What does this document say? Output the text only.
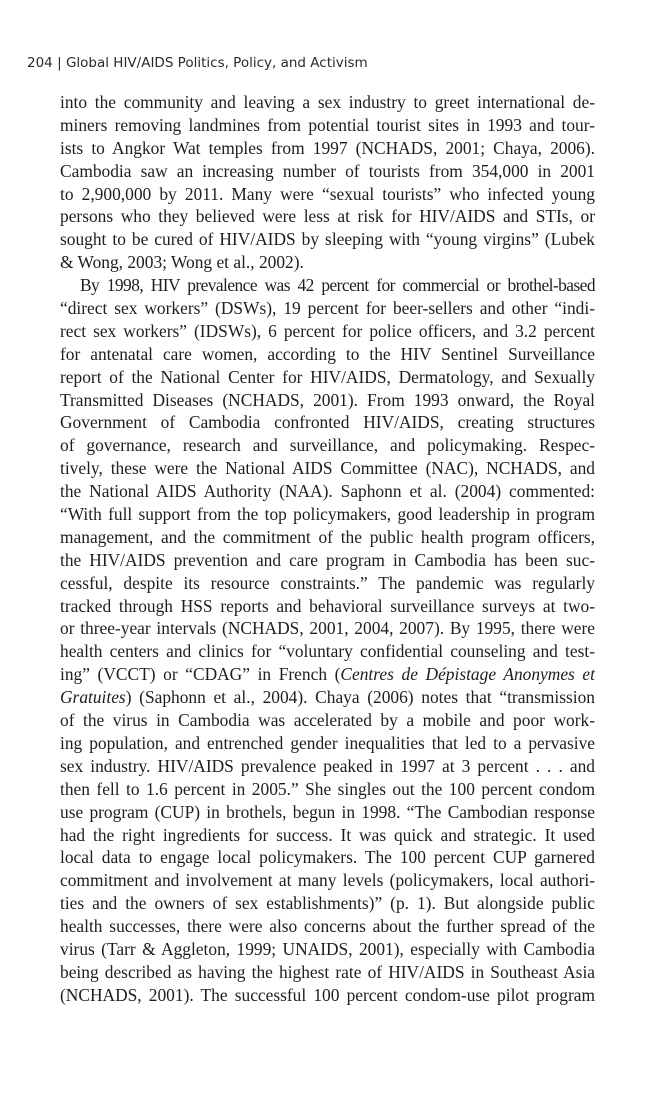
204 | Global HIV/AIDS Politics, Policy, and Activism
into the community and leaving a sex industry to greet international de-
miners removing landmines from potential tourist sites in 1993 and tour-
ists to Angkor Wat temples from 1997 (NCHADS, 2001; Chaya, 2006).
Cambodia saw an increasing number of tourists from 354,000 in 2001
to 2,900,000 by 2011. Many were “sexual tourists” who infected young
persons who they believed were less at risk for HIV/AIDS and STIs, or
sought to be cured of HIV/AIDS by sleeping with “young virgins” (Lubek
& Wong, 2003; Wong et al., 2002).
By 1998, HIV prevalence was 42 percent for commercial or brothel-based
“direct sex workers” (DSWs), 19 percent for beer-sellers and other “indi-
rect sex workers” (IDSWs), 6 percent for police officers, and 3.2 percent
for antenatal care women, according to the HIV Sentinel Surveillance
report of the National Center for HIV/AIDS, Dermatology, and Sexually
Transmitted Diseases (NCHADS, 2001). From 1993 onward, the Royal
Government of Cambodia confronted HIV/AIDS, creating structures
of governance, research and surveillance, and policymaking. Respec-
tively, these were the National AIDS Committee (NAC), NCHADS, and
the National AIDS Authority (NAA). Saphonn et al. (2004) commented:
“With full support from the top policymakers, good leadership in program
management, and the commitment of the public health program officers,
the HIV/AIDS prevention and care program in Cambodia has been suc-
cessful, despite its resource constraints.” The pandemic was regularly
tracked through HSS reports and behavioral surveillance surveys at two-
or three-year intervals (NCHADS, 2001, 2004, 2007). By 1995, there were
health centers and clinics for “voluntary confidential counseling and test-
ing” (VCCT) or “CDAG” in French (Centres de Dépistage Anonymes et
Gratuites) (Saphonn et al., 2004). Chaya (2006) notes that “transmission
of the virus in Cambodia was accelerated by a mobile and poor work-
ing population, and entrenched gender inequalities that led to a pervasive
sex industry. HIV/AIDS prevalence peaked in 1997 at 3 percent . . . and
then fell to 1.6 percent in 2005.” She singles out the 100 percent condom
use program (CUP) in brothels, begun in 1998. “The Cambodian response
had the right ingredients for success. It was quick and strategic. It used
local data to engage local policymakers. The 100 percent CUP garnered
commitment and involvement at many levels (policymakers, local authori-
ties and the owners of sex establishments)” (p. 1). But alongside public
health successes, there were also concerns about the further spread of the
virus (Tarr & Aggleton, 1999; UNAIDS, 2001), especially with Cambodia
being described as having the highest rate of HIV/AIDS in Southeast Asia
(NCHADS, 2001). The successful 100 percent condom-use pilot program
